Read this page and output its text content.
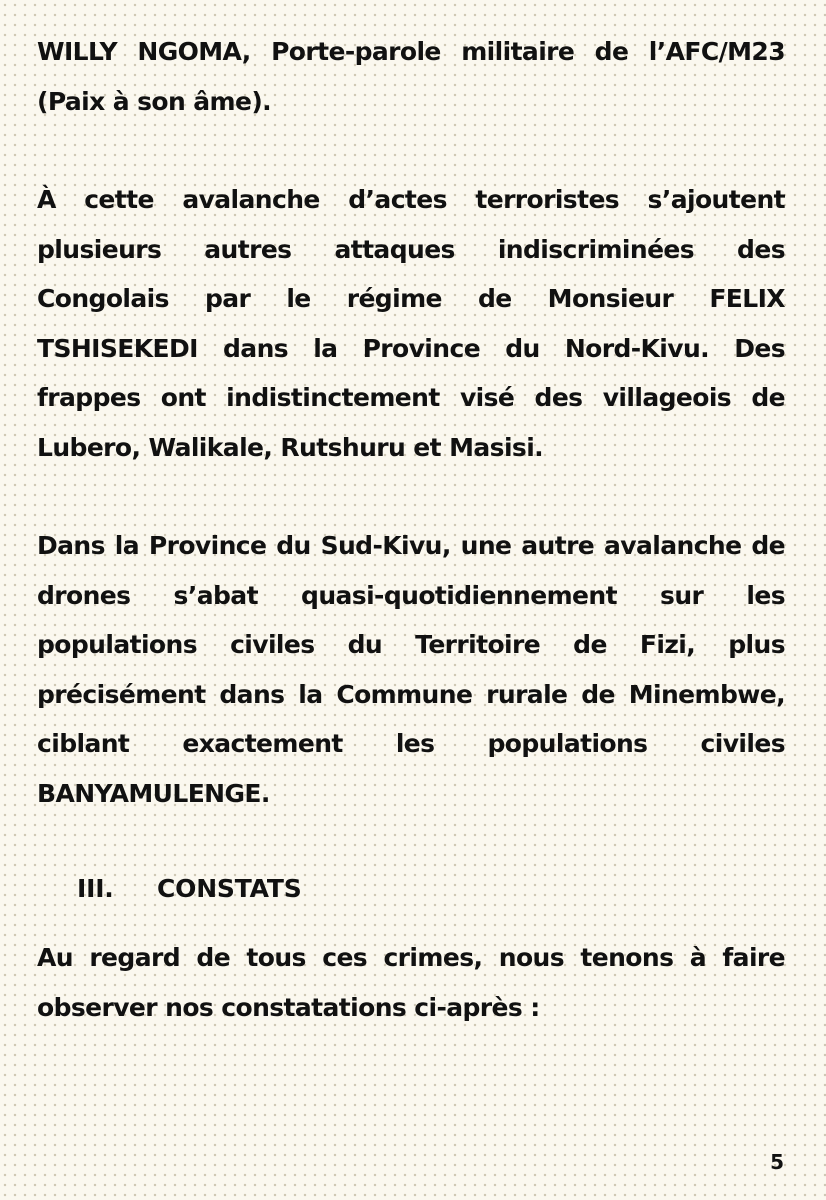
WILLY NGOMA, Porte-parole militaire de l’AFC/M23 (Paix à son âme).

À cette avalanche d’actes terroristes s’ajoutent plusieurs autres attaques indiscriminées des Congolais par le régime de Monsieur FELIX TSHISEKEDI dans la Province du Nord-Kivu. Des frappes ont indistinctement visé des villageois de Lubero, Walikale, Rutshuru et Masisi.

Dans la Province du Sud-Kivu, une autre avalanche de drones s’abat quasi-quotidiennement sur les populations civiles du Territoire de Fizi, plus précisément dans la Commune rurale de Minembwe, ciblant exactement les populations civiles BANYAMULENGE.

III. CONSTATS

Au regard de tous ces crimes, nous tenons à faire observer nos constatations ci-après :

5
